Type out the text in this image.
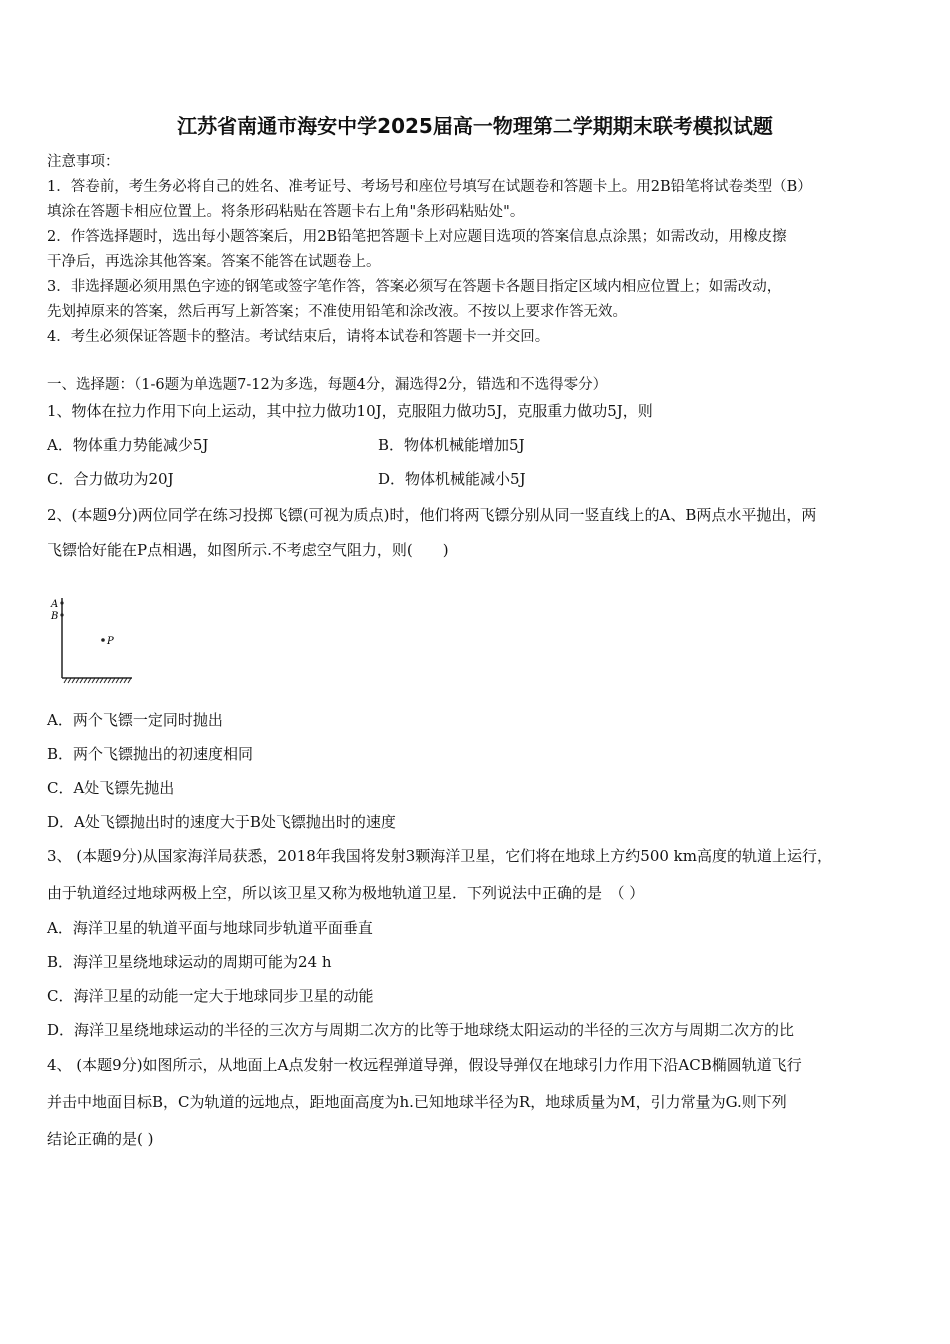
江苏省南通市海安中学2025届高一物理第二学期期末联考模拟试题
注意事项：
1．答卷前，考生务必将自己的姓名、准考证号、考场号和座位号填写在试题卷和答题卡上。用2B铅笔将试卷类型（B）
填涂在答题卡相应位置上。将条形码粘贴在答题卡右上角"条形码粘贴处"。
2．作答选择题时，选出每小题答案后，用2B铅笔把答题卡上对应题目选项的答案信息点涂黑；如需改动，用橡皮擦
干净后，再选涂其他答案。答案不能答在试题卷上。
3．非选择题必须用黑色字迹的钢笔或签字笔作答，答案必须写在答题卡各题目指定区域内相应位置上；如需改动，
先划掉原来的答案，然后再写上新答案；不准使用铅笔和涂改液。不按以上要求作答无效。
4．考生必须保证答题卡的整洁。考试结束后，请将本试卷和答题卡一并交回。
一、选择题：（1-6题为单选题7-12为多选，每题4分，漏选得2分，错选和不选得零分）
1、物体在拉力作用下向上运动，其中拉力做功10J，克服阻力做功5J，克服重力做功5J，则
A．物体重力势能减少5J	B．物体机械能增加5J
C．合力做功为20J	D．物体机械能减小5J
2、(本题9分)两位同学在练习投掷飞镖(可视为质点)时，他们将两飞镖分别从同一竖直线上的A、B两点水平抛出，两
飞镖恰好能在P点相遇，如图所示.不考虑空气阻力，则(　　)
A
B
P
A．两个飞镖一定同时抛出
B．两个飞镖抛出的初速度相同
C．A处飞镖先抛出
D．A处飞镖抛出时的速度大于B处飞镖抛出时的速度
3、 (本题9分)从国家海洋局获悉，2018年我国将发射3颗海洋卫星，它们将在地球上方约500 km高度的轨道上运行，
由于轨道经过地球两极上空，所以该卫星又称为极地轨道卫星．下列说法中正确的是　（ ）
A．海洋卫星的轨道平面与地球同步轨道平面垂直
B．海洋卫星绕地球运动的周期可能为24 h
C．海洋卫星的动能一定大于地球同步卫星的动能
D．海洋卫星绕地球运动的半径的三次方与周期二次方的比等于地球绕太阳运动的半径的三次方与周期二次方的比
4、 (本题9分)如图所示，从地面上A点发射一枚远程弹道导弹，假设导弹仅在地球引力作用下沿ACB椭圆轨道飞行
并击中地面目标B，C为轨道的远地点，距地面高度为h.已知地球半径为R，地球质量为M，引力常量为G.则下列
结论正确的是( )
